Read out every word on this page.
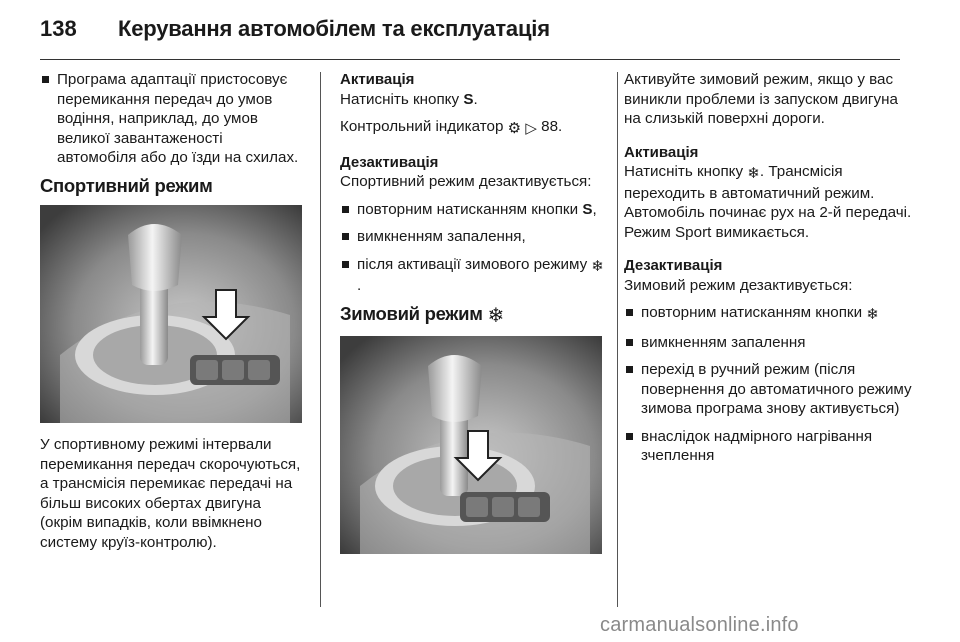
138 Керування автомобілем та експлуатація
Програма адаптації пристосовує перемикання передач до умов водіння, наприклад, до умов великої завантаженості автомобіля або до їзди на схилах.
Спортивний режим

У спортивному режимі інтервали перемикання передач скорочуються, а трансмісія перемикає передачі на більш високих обертах двигуна (окрім випадків, коли ввімкнено систему круїз-контролю).

Активація

Натисніть кнопку S.

Контрольний індикатор ⚙ ▷ 88.

Дезактивація

Спортивний режим дезактивується:

повторним натисканням кнопки S,
вимкненням запалення,
після активації зимового режиму ❄.
Зимовий режим ❄

Активуйте зимовий режим, якщо у вас виникли проблеми із запуском двигуна на слизькій поверхні дороги.

Активація

Натисніть кнопку ❄. Трансмісія переходить в автоматичний режим. Автомобіль починає рух на 2-й передачі. Режим Sport вимикається.

Дезактивація

Зимовий режим дезактивується:

повторним натисканням кнопки ❄
вимкненням запалення
перехід в ручний режим (після повернення до автоматичного режиму зимова програма знову активується)
внаслідок надмірного нагрівання зчеплення
carmanualsonline.info
